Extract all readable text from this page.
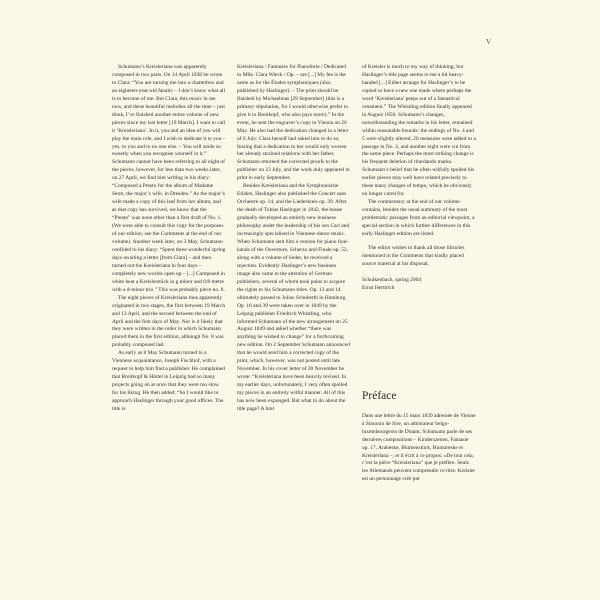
V

Schumann’s Kreisleriana was apparently composed in two parts. On 14 April 1838 he wrote to Clara: “You are turning me into a chatterbox and an eighteen-year-old fanatic – I don’t know what all is to become of me. But Clara, this music in me now, and these beautiful melodies all the time – just think, I’ve finished another entire volume of new pieces since my last letter [19 March]. I want to call it ‘Kreisleriana’. In it, you and an idea of you will play the main role, and I wish to dedicate it to you – yes, to you and to no one else. – You will smile so sweetly when you recognise yourself in it.” Schumann cannot have been referring to all eight of the pieces, however, for less than two weeks later, on 27 April, we find him writing in his diary: “Composed a Presto for the album of Madame Serre, the major’s wife, in Dresden.” As the major’s wife made a copy of this leaf from her album, and as that copy has survived, we know that the “Presto” was none other than a first draft of No. 1. (We were able to consult this copy for the purposes of our edition; see the Comments at the end of our volume). Another week later, on 3 May, Schumann confided to his diary: “Spent three wonderful spring days awaiting a letter [from Clara] – and then turned out the Kreisleriana in four days – completely new worlds open up – [...] Composed in white heat a Kreislerstück in g minor and 6/8 metre with a d-minor trio.” This was probably piece no. 8.

The eight pieces of Kreisleriana thus apparently originated in two stages, the first between 19 March and 13 April, and the second between the end of April and the first days of May. Nor is it likely that they were written in the order in which Schumann placed them in the first edition, although No. 8 was probably composed last.

As early as 8 May Schumann turned to a Viennese acquaintance, Joseph Fischhof, with a request to help him find a publisher. He complained that Breitkopf & Härtel in Leipzig had so many projects going on at once that they were too slow for his liking. He then added: “So I would like to approach Haslinger through your good offices. The title is

Kreisleriana / Fantasies for Pianoforte / Dedicated to Mlle. Clara Wieck / Op. – are [...] My fee is the same as for the Études symphoniques (also published by Haslinger). – The print should be finished by Michaelmas [29 September] (this is a primary stipulation, for I would otherwise prefer to give it to Breitkopf, who also pays more).” In the event, he sent the engraver’s copy to Vienna on 26 May. He also had the dedication changed in a letter of 6 July: Clara herself had asked him to do so, fearing that a dedication to her would only worsen her already strained relations with her father. Schumann returned the corrected proofs to the publisher on 23 July, and the work duly appeared in print in early September.

Besides Kreisleriana and the Symphonische Etüden, Haslinger also published the Concert sans Orchestre op. 14, and the Liederkreis op. 39. After the death of Tobias Haslinger in 1842, the house gradually developed an entirely new business philosophy under the leadership of his son Carl and increasingly specialised in Viennese dance music. When Schumann sent him a version for piano four-hands of the Ouverture, Scherzo und Finale op. 52, along with a volume of lieder, he received a rejection. Evidently Haslinger’s new business image also came to the attention of German publishers, several of whom took pains to acquire the rights to his Schumann titles. Op. 13 and 14 ultimately passed to Julius Schuberth in Hamburg. Op. 16 and 39 were taken over in 1849 by the Leipzig publisher Friedrich Whistling, who informed Schumann of the new arrangement on 25 August 1849 and asked whether “there was anything he wished to change” for a forthcoming new edition. On 2 September Schumann announced that he would send him a corrected copy of the print, which, however, was not posted until late November. In his cover letter of 20 November he wrote: “Kreisleriana have been heavily revised. In my earlier days, unfortunately, I very often spoiled my pieces in an entirely wilful manner. All of this has now been expunged. But what to do about the title page? A hint

of Kreisler is much to my way of thinking; but Haslinger’s title page seems to me a bit heavy-handed [...] Either arrange for Haslinger’s to be copied or have a new one made where perhaps the word ‘Kreisleriana’ peeps out of a fantastical ornament.” The Whistling edition finally appeared in August 1850. Schumann’s changes, notwithstanding the remarks in his letter, remained within reasonable bounds: the endings of No. 4 and 5 were slightly altered, 20 measures were added to a passage in No. 2, and another eight were cut from the same piece. Perhaps the most striking change is his frequent deletion of ritardando marks. Schumann’s belief that he often wilfully spoiled his earlier pieces may well have related precisely to these many changes of tempo, which he obviously no longer cared for.

The commentary at the end of our volume contains, besides the usual summary of the most problematic passages from an editorial viewpoint, a special section in which further differences in this early Haslinger edition are listed.

The editor wishes to thank all those libraries mentioned in the Comments that kindly placed source material at his disposal.

Schulkenbach, spring 2004
Ernst Herttrich
Préface

Dans une lettre du 15 mars 1839 adressée de Vienne à Simonin de Sire, un admirateur belgo-luxembourgeois de Dinant, Schumann parle de ses dernières compositions – Kinderszenen, Fantasie op. 17, Arabeske, Blumenstück, Humoreske et Kreisleriana –, et il écrit à ce propos: «De tout cela, c’est la pièce “Kreisleriana” que je préfère. Seuls les Allemands peuvent comprendre ce titre. Kreisler est un personnage créé par
